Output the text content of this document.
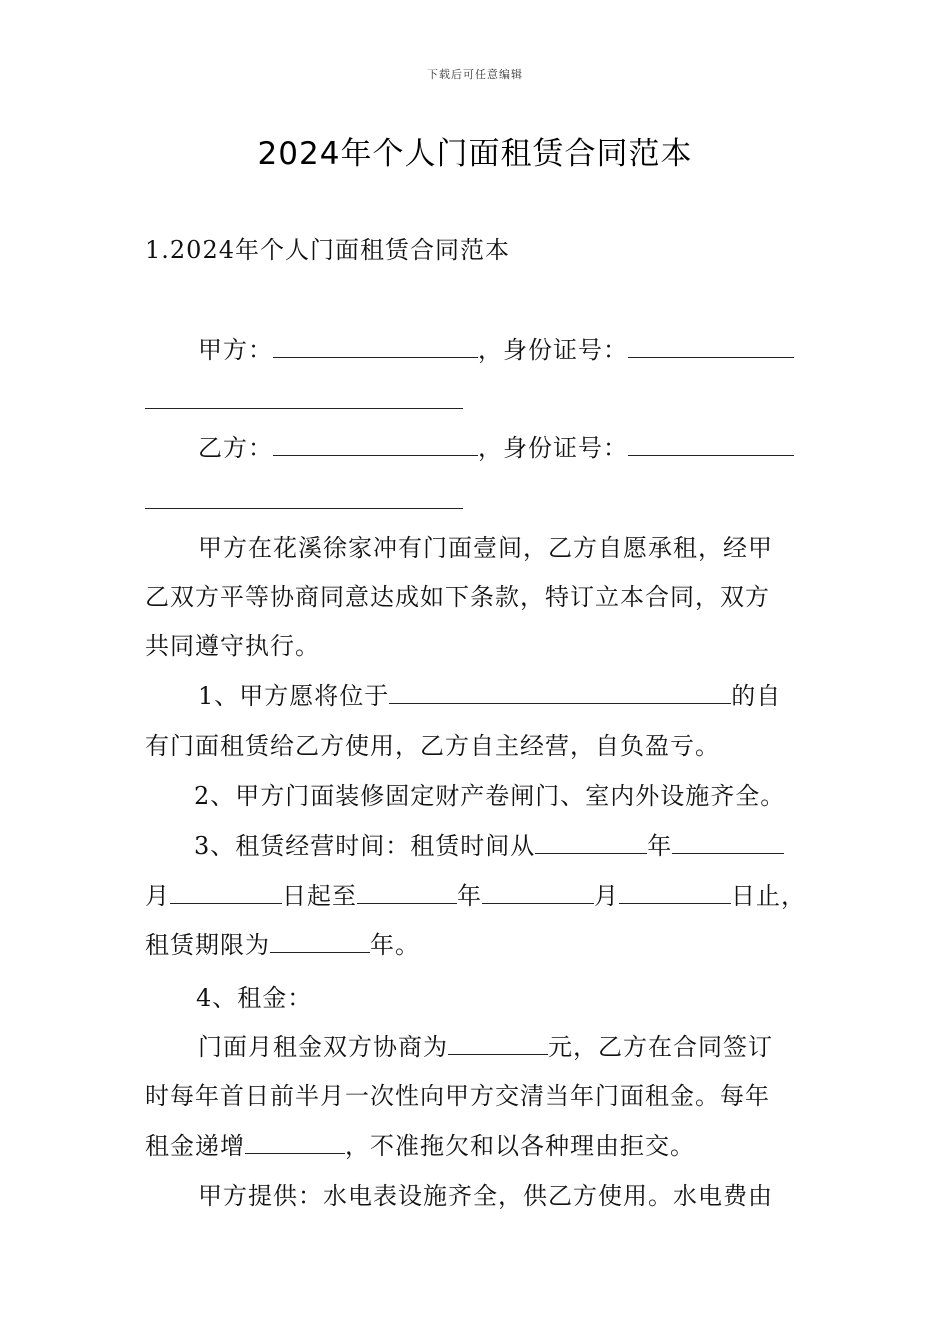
下载后可任意编辑
2024年个人门面租赁合同范本
1.2024年个人门面租赁合同范本
甲方：	，身份证号：
乙方：	，身份证号：
甲方在花溪徐家冲有门面壹间，乙方自愿承租，经甲
乙双方平等协商同意达成如下条款，特订立本合同，双方
共同遵守执行。
1、甲方愿将位于	的自
有门面租赁给乙方使用，乙方自主经营，自负盈亏。
2、甲方门面装修固定财产卷闸门、室内外设施齐全。
3、租赁经营时间：租赁时间从	年
月	日起至	年	月	日止，
租赁期限为	年。
4、租金：
门面月租金双方协商为	元，乙方在合同签订
时每年首日前半月一次性向甲方交清当年门面租金。每年
租金递增	，不准拖欠和以各种理由拒交。
甲方提供：水电表设施齐全，供乙方使用。水电费由
